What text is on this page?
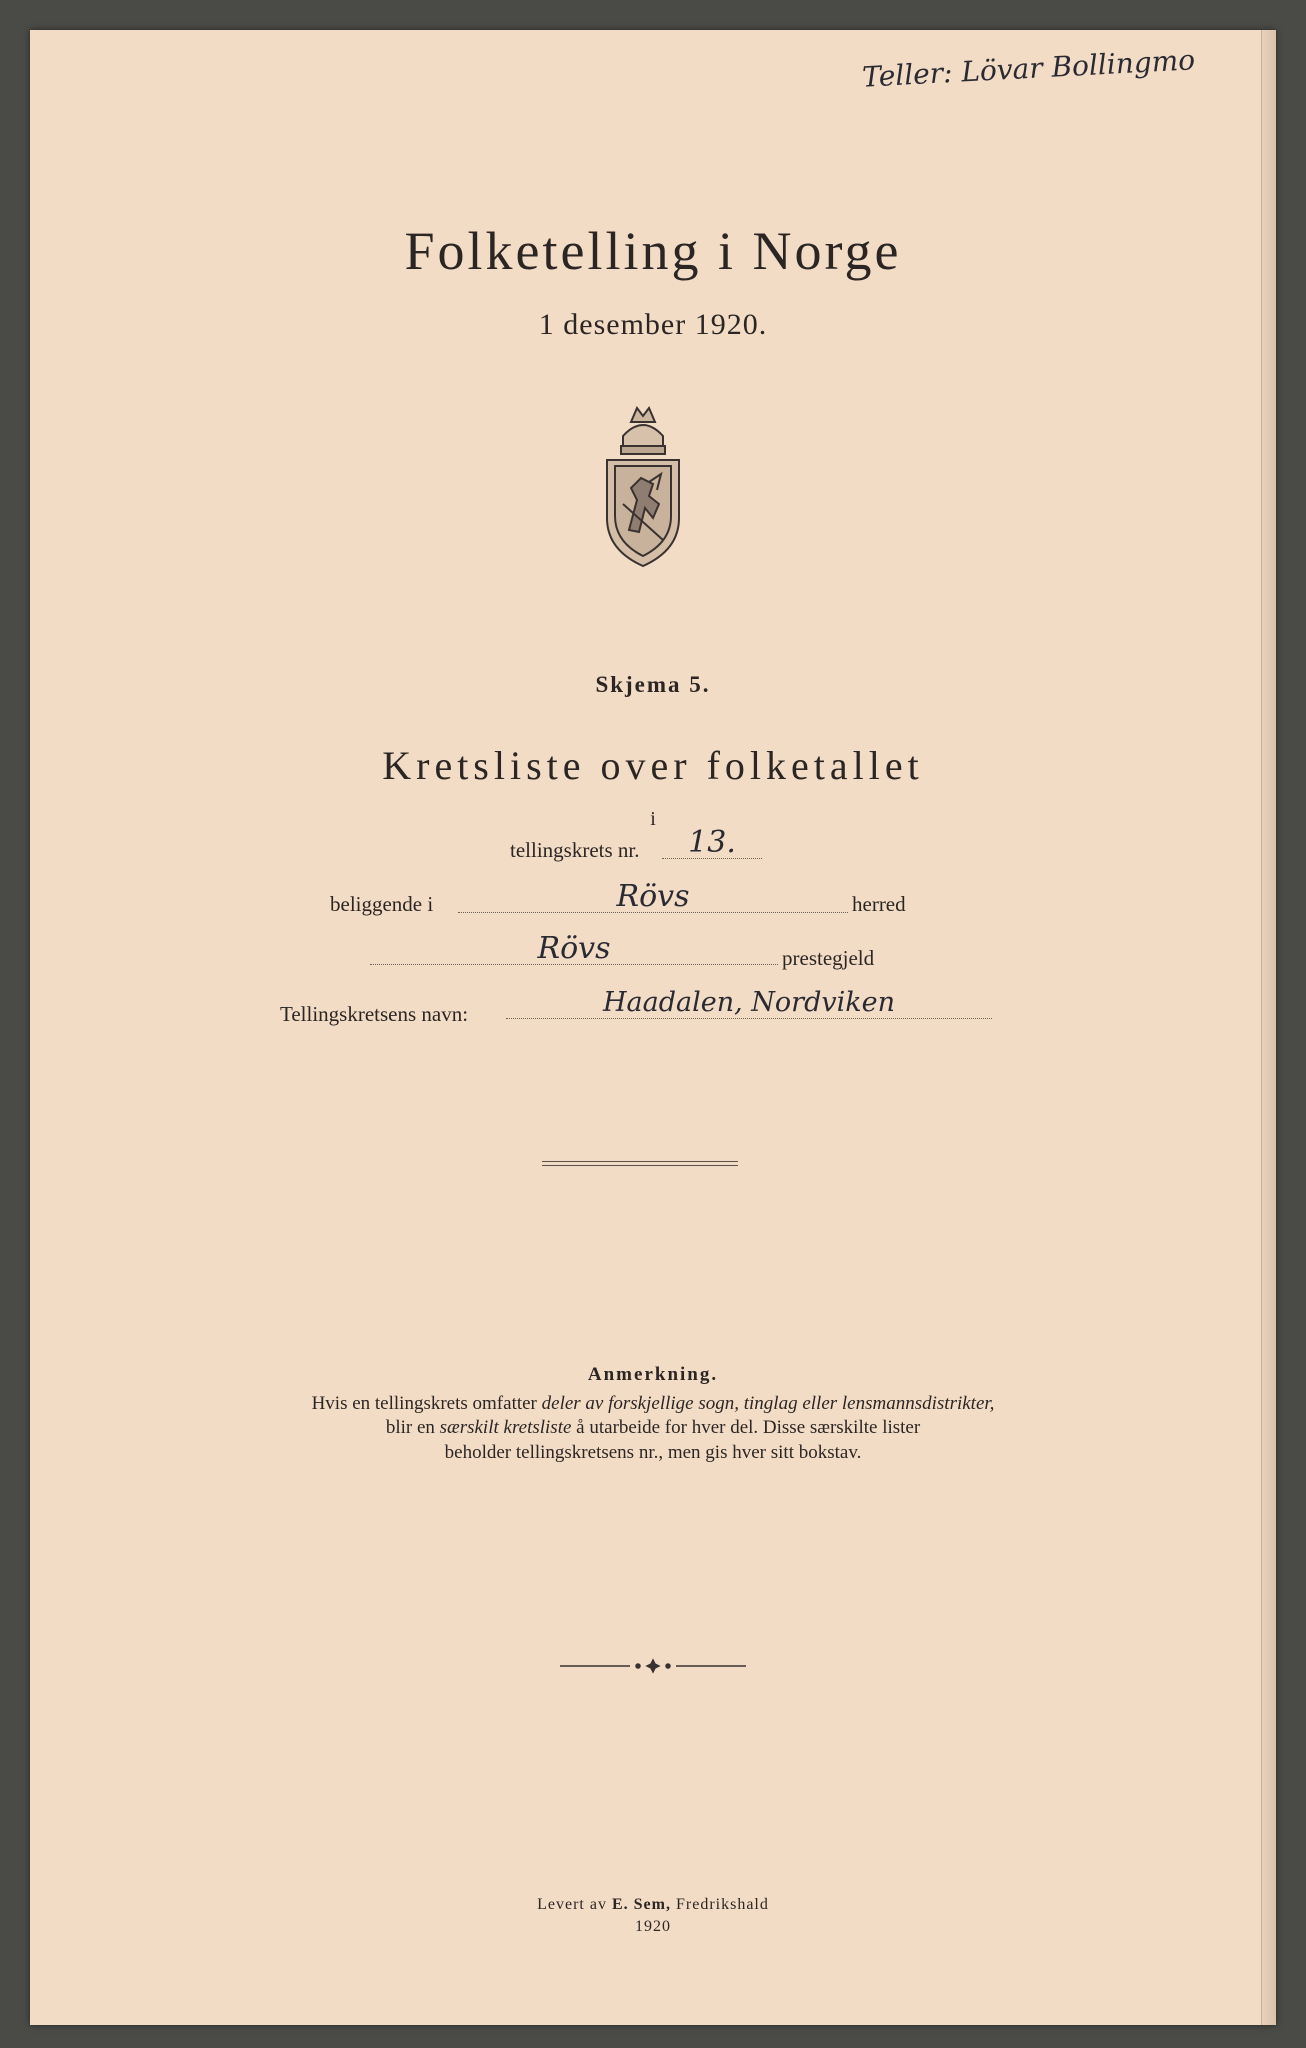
Teller: Lövar Bollingmo
Folketelling i Norge
1 desember 1920.
Skjema 5.
Kretsliste over folketallet
i
tellingskrets nr.	13.
beliggende i	Rövs	herred
Rövs	prestegjeld
Tellingskretsens navn:	Haadalen, Nordviken
Anmerkning.
Hvis en tellingskrets omfatter deler av forskjellige sogn, tinglag eller lensmannsdistrikter,
blir en særskilt kretsliste å utarbeide for hver del. Disse særskilte lister
beholder tellingskretsens nr., men gis hver sitt bokstav.
Levert av E. Sem, Fredrikshald
1920
